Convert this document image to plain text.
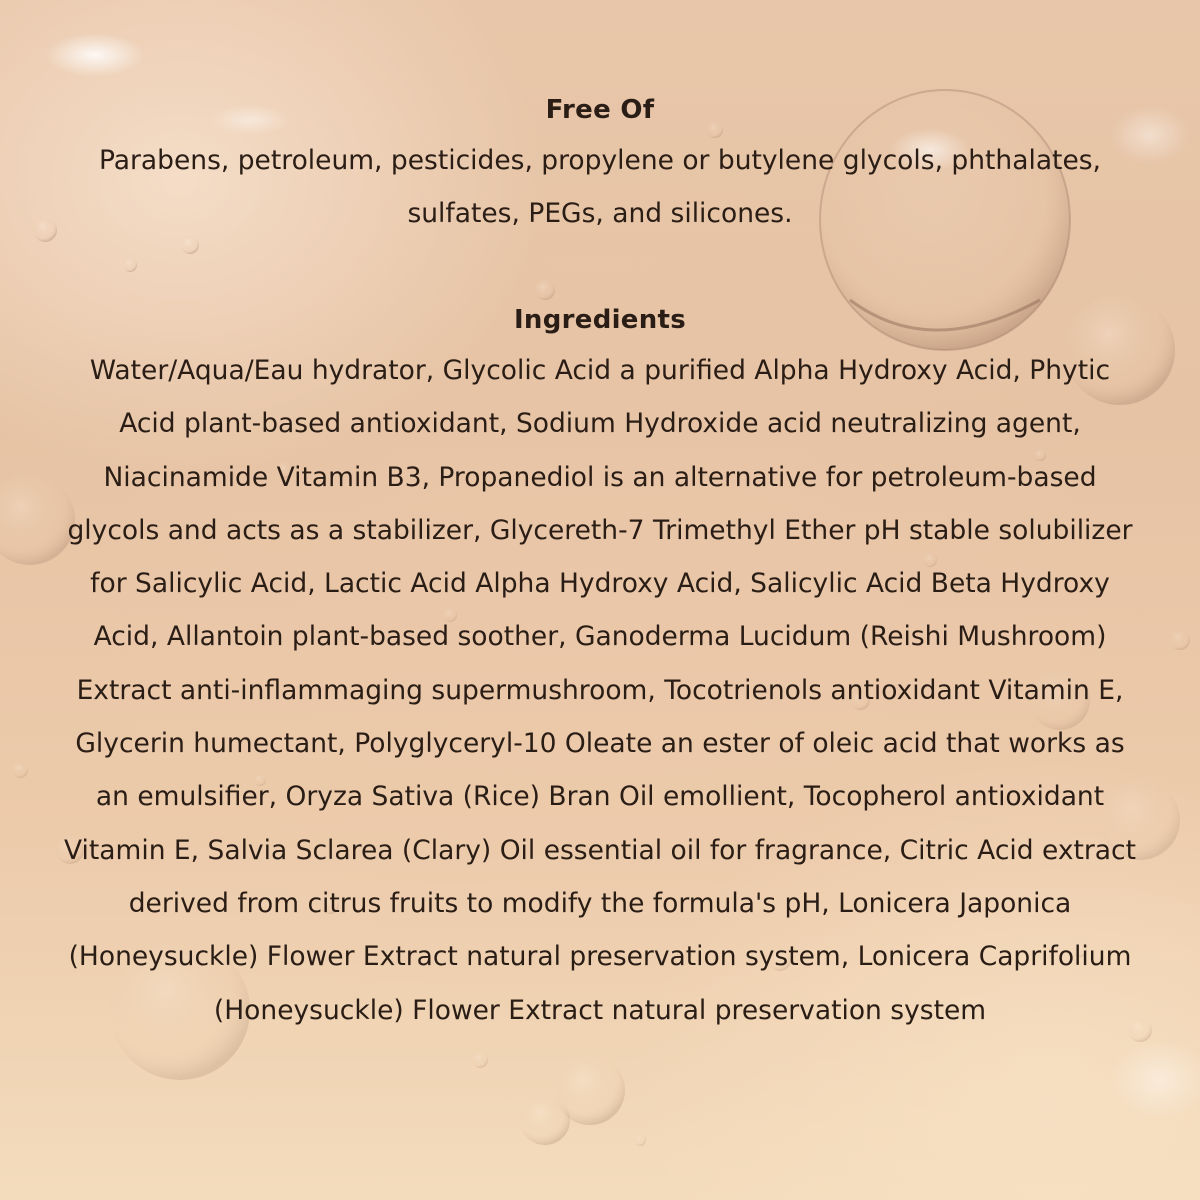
Free Of

Parabens, petroleum, pesticides, propylene or butylene glycols, phthalates, sulfates, PEGs, and silicones.

Ingredients

Water/Aqua/Eau hydrator, Glycolic Acid a purified Alpha Hydroxy Acid, Phytic Acid plant-based antioxidant, Sodium Hydroxide acid neutralizing agent, Niacinamide Vitamin B3, Propanediol is an alternative for petroleum-based glycols and acts as a stabilizer, Glycereth-7 Trimethyl Ether pH stable solubilizer for Salicylic Acid, Lactic Acid Alpha Hydroxy Acid, Salicylic Acid Beta Hydroxy Acid, Allantoin plant-based soother, Ganoderma Lucidum (Reishi Mushroom) Extract anti-inflammaging supermushroom, Tocotrienols antioxidant Vitamin E, Glycerin humectant, Polyglyceryl-10 Oleate an ester of oleic acid that works as an emulsifier, Oryza Sativa (Rice) Bran Oil emollient, Tocopherol antioxidant Vitamin E, Salvia Sclarea (Clary) Oil essential oil for fragrance, Citric Acid extract derived from citrus fruits to modify the formula's pH, Lonicera Japonica (Honeysuckle) Flower Extract natural preservation system, Lonicera Caprifolium (Honeysuckle) Flower Extract natural preservation system
